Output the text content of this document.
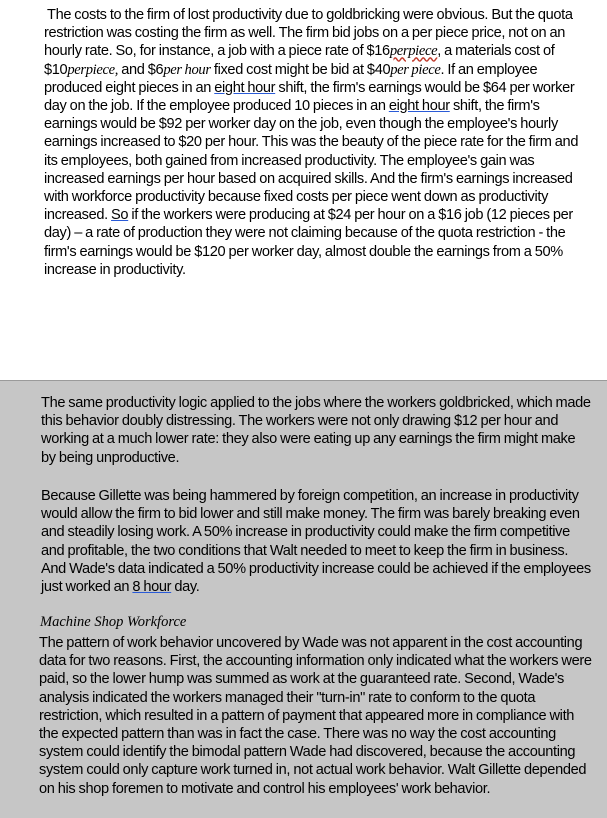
The costs to the firm of lost productivity due to goldbricking were obvious. But the quota restriction was costing the firm as well. The firm bid jobs on a per piece price, not on an hourly rate. So, for instance, a job with a piece rate of $16perpiece, a materials cost of $10perpiece, and $6per hour fixed cost might be bid at $40per piece. If an employee produced eight pieces in an eight hour shift, the firm's earnings would be $64 per worker day on the job. If the employee produced 10 pieces in an eight hour shift, the firm's earnings would be $92 per worker day on the job, even though the employee's hourly earnings increased to $20 per hour. This was the beauty of the piece rate for the firm and its employees, both gained from increased productivity. The employee's gain was increased earnings per hour based on acquired skills. And the firm's earnings increased with workforce productivity because fixed costs per piece went down as productivity increased. So if the workers were producing at $24 per hour on a $16 job (12 pieces per day) – a rate of production they were not claiming because of the quota restriction - the firm's earnings would be $120 per worker day, almost double the earnings from a 50% increase in productivity.

The same productivity logic applied to the jobs where the workers goldbricked, which made this behavior doubly distressing. The workers were not only drawing $12 per hour and working at a much lower rate: they also were eating up any earnings the firm might make by being unproductive.

Because Gillette was being hammered by foreign competition, an increase in productivity would allow the firm to bid lower and still make money. The firm was barely breaking even and steadily losing work. A 50% increase in productivity could make the firm competitive and profitable, the two conditions that Walt needed to meet to keep the firm in business. And Wade's data indicated a 50% productivity increase could be achieved if the employees just worked an 8 hour day.

Machine Shop Workforce

The pattern of work behavior uncovered by Wade was not apparent in the cost accounting data for two reasons. First, the accounting information only indicated what the workers were paid, so the lower hump was summed as work at the guaranteed rate. Second, Wade's analysis indicated the workers managed their "turn-in" rate to conform to the quota restriction, which resulted in a pattern of payment that appeared more in compliance with the expected pattern than was in fact the case. There was no way the cost accounting system could identify the bimodal pattern Wade had discovered, because the accounting system could only capture work turned in, not actual work behavior. Walt Gillette depended on his shop foremen to motivate and control his employees' work behavior.
